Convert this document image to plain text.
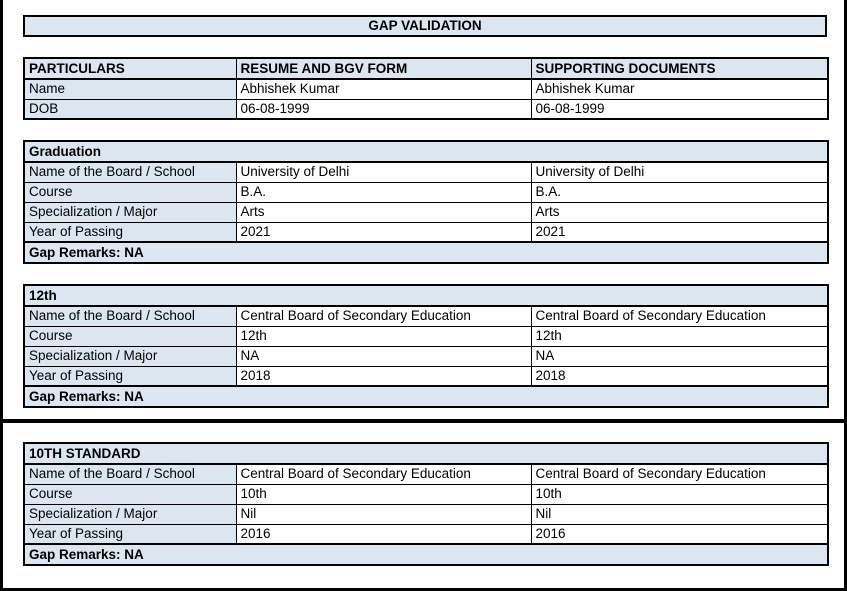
GAP VALIDATION
PARTICULARS	RESUME AND BGV FORM	SUPPORTING DOCUMENTS
Name	Abhishek Kumar	Abhishek Kumar
DOB	06-08-1999	06-08-1999
Graduation		
Name of the Board / School	University of Delhi	University of Delhi
Course	B.A.	B.A.
Specialization / Major	Arts	Arts
Year of Passing	2021	2021
Gap Remarks: NA		
12th		
Name of the Board / School	Central Board of Secondary Education	Central Board of Secondary Education
Course	12th	12th
Specialization / Major	NA	NA
Year of Passing	2018	2018
Gap Remarks: NA		
10TH STANDARD		
Name of the Board / School	Central Board of Secondary Education	Central Board of Secondary Education
Course	10th	10th
Specialization / Major	Nil	Nil
Year of Passing	2016	2016
Gap Remarks: NA		
